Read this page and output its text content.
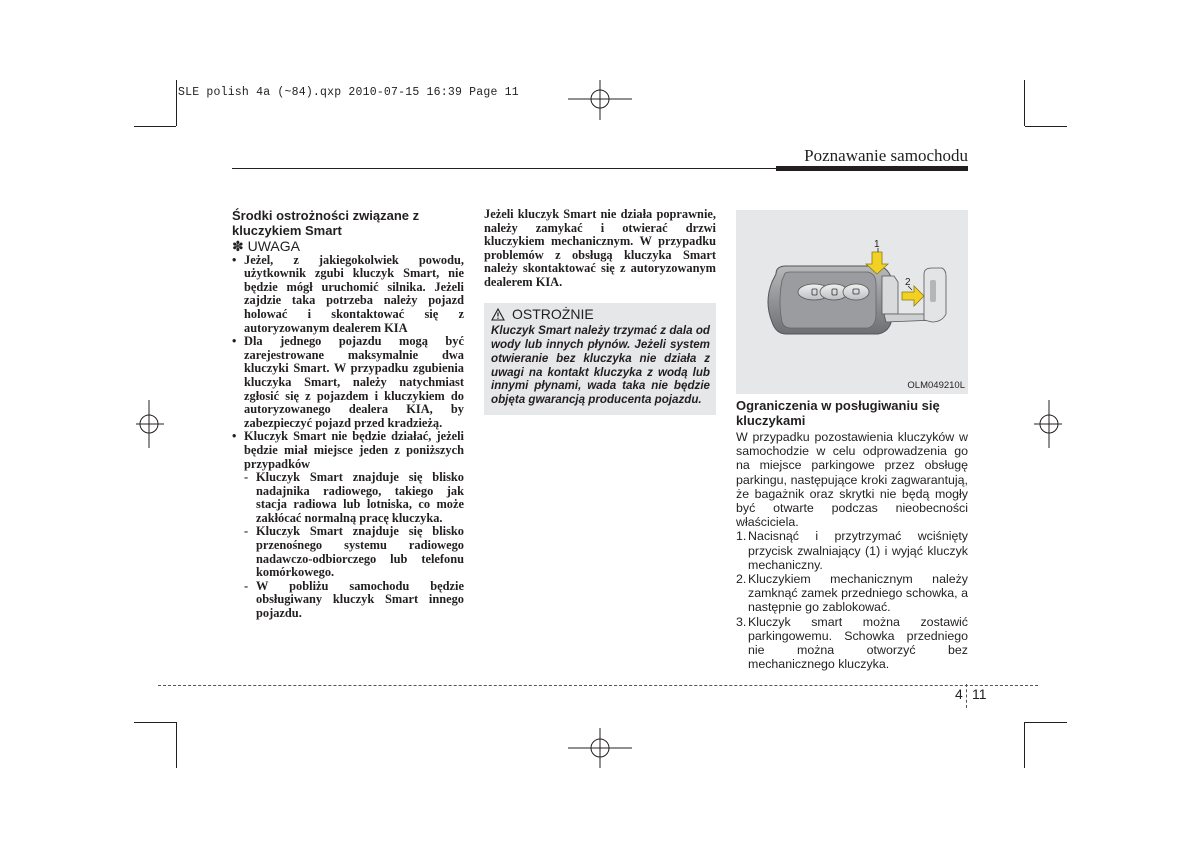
SLE polish 4a (~84).qxp 2010-07-15 16:39 Page 11
Poznawanie samochodu
Środki ostrożności związane z kluczykiem Smart
✽ UWAGA
• Jeżel, z jakiegokolwiek powodu, użytkownik zgubi kluczyk Smart, nie będzie mógł uruchomić silnika. Jeżeli zajdzie taka potrzeba należy pojazd holować i skontaktować się z autoryzowanym dealerem KIA
• Dla jednego pojazdu mogą być zarejestrowane maksymalnie dwa kluczyki Smart. W przypadku zgubienia kluczyka Smart, należy natychmiast zgłosić się z pojazdem i kluczykiem do autoryzowanego dealera KIA, by zabezpieczyć pojazd przed kradzieżą.
• Kluczyk Smart nie będzie działać, jeżeli będzie miał miejsce jeden z poniższych przypadków
- Kluczyk Smart znajduje się blisko nadajnika radiowego, takiego jak stacja radiowa lub lotniska, co może zakłócać normalną pracę kluczyka.
- Kluczyk Smart znajduje się blisko przenośnego systemu radiowego nadawczo-odbiorczego lub telefonu komórkowego.
- W pobliżu samochodu będzie obsługiwany kluczyk Smart innego pojazdu.
Jeżeli kluczyk Smart nie działa poprawnie, należy zamykać i otwierać drzwi kluczykiem mechanicznym. W przypadku problemów z obsługą kluczyka Smart należy skontaktować się z autoryzowanym dealerem KIA.
OSTROŻNIE
Kluczyk Smart należy trzymać z dala od wody lub innych płynów. Jeżeli system otwieranie bez kluczyka nie działa z uwagi na kontakt kluczyka z wodą lub innymi płynami, wada taka nie będzie objęta gwarancją producenta pojazdu.
1
2
OLM049210L
Ograniczenia w posługiwaniu się kluczykami
W przypadku pozostawienia kluczyków w samochodzie w celu odprowadzenia go na miejsce parkingowe przez obsługę parkingu, następujące kroki zagwarantują, że bagażnik oraz skrytki nie będą mogły być otwarte podczas nieobecności właściciela.
1. Nacisnąć i przytrzymać wciśnięty przycisk zwalniający (1) i wyjąć kluczyk mechaniczny.
2. Kluczykiem mechanicznym należy zamknąć zamek przedniego schowka, a następnie go zablokować.
3. Kluczyk smart można zostawić parkingowemu. Schowka przedniego nie można otworzyć bez mechanicznego kluczyka.
4 11
